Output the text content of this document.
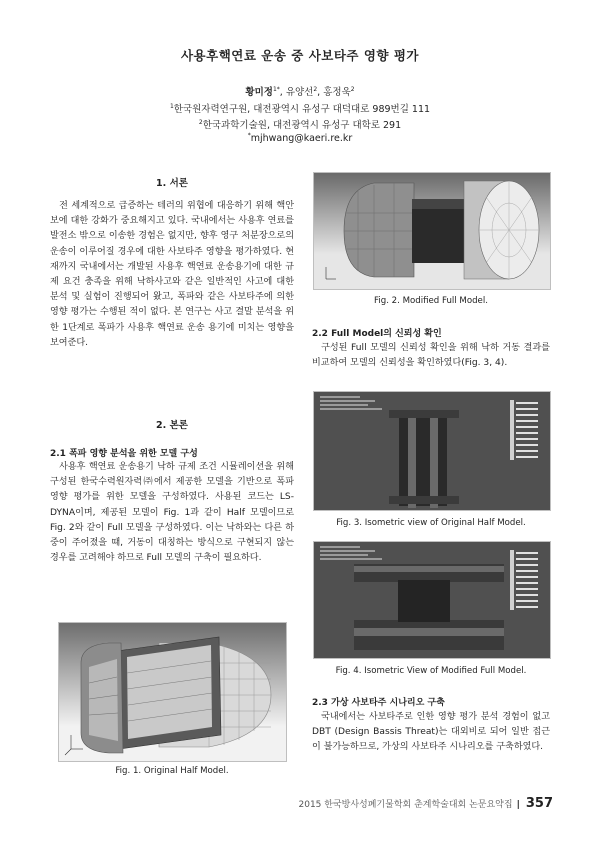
사용후핵연료 운송 중 사보타주 영향 평가
황미정$^{1*}$, 유양선$^2$, 홍정욱$^2$
$^1$한국원자력연구원, 대전광역시 유성구 대덕대로 989번길 111
$^2$한국과학기술원, 대전광역시 유성구 대학로 291
*mjhwang@kaeri.re.kr
1. 서론

전 세계적으로 급증하는 테러의 위협에 대응하기 위해 핵안보에 대한 강화가 중요해지고 있다. 국내에서는 사용후 연료를 발전소 밖으로 이송한 경험은 없지만, 향후 영구 처분장으로의 운송이 이루어질 경우에 대한 사보타주 영향을 평가하였다. 현재까지 국내에서는 개발된 사용후 핵연료 운송용기에 대한 규제 요건 충족을 위해 낙하사고와 같은 일반적인 사고에 대한 분석 및 실험이 진행되어 왔고, 폭파와 같은 사보타주에 의한 영향 평가는 수행된 적이 없다. 본 연구는 사고 결말 분석을 위한 1단계로 폭파가 사용후 핵연료 운송 용기에 미치는 영향을 보여준다.

2. 본론
2.1 폭파 영향 분석을 위한 모델 구성

사용후 핵연료 운송용기 낙하 규제 조건 시뮬레이션을 위해 구성된 한국수력원자력㈜에서 제공한 모델을 기반으로 폭파 영향 평가를 위한 모델을 구성하였다. 사용된 코드는 LS-DYNA이며, 제공된 모델이 Fig. 1과 같이 Half 모델이므로 Fig. 2와 같이 Full 모델을 구성하였다. 이는 낙하와는 다른 하중이 주어졌을 때, 거동이 대칭하는 방식으로 구현되지 않는 경우를 고려해야 하므로 Full 모델의 구축이 필요하다.

Fig. 1. Original Half Model.
Fig. 2. Modified Full Model.
2.2 Full Model의 신뢰성 확인

구성된 Full 모델의 신뢰성 확인을 위해 낙하 거동 결과를 비교하여 모델의 신뢰성을 확인하였다(Fig. 3, 4).

Fig. 3. Isometric view of Original Half Model.
Fig. 4. Isometric View of Modified Full Model.
2.3 가상 사보타주 시나리오 구축

국내에서는 사보타주로 인한 영향 평가 분석 경험이 없고 DBT (Design Bassis Threat)는 대외비로 되어 일반 접근이 불가능하므로, 가상의 사보타주 시나리오를 구축하였다.

2015 한국방사성폐기물학회 춘계학술대회 논문요약집 | 357
